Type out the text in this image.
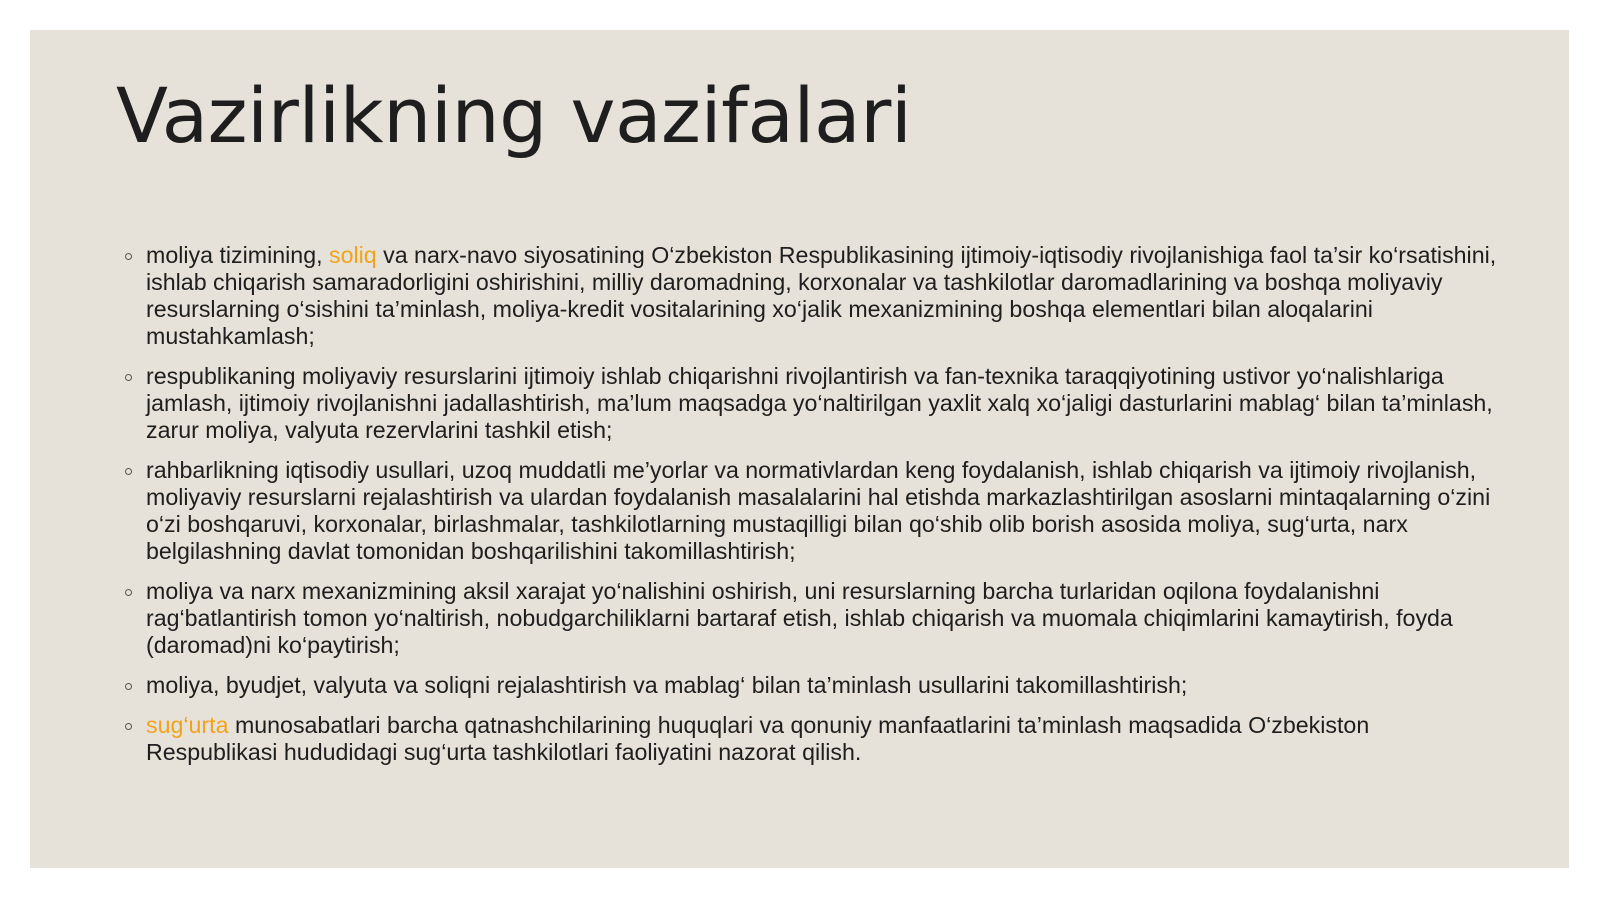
Vazirlikning vazifalari
moliya tizimining, soliq va narx-navo siyosatining O‘zbekiston Respublikasining ijtimoiy-iqtisodiy rivojlanishiga faol ta’sir ko‘rsatishini, ishlab chiqarish samaradorligini oshirishini, milliy daromadning, korxonalar va tashkilotlar daromadlarining va boshqa moliyaviy resurslarning o‘sishini ta’minlash, moliya-kredit vositalarining xo‘jalik mexanizmining boshqa elementlari bilan aloqalarini mustahkamlash;
respublikaning moliyaviy resurslarini ijtimoiy ishlab chiqarishni rivojlantirish va fan-texnika taraqqiyotining ustivor yo‘nalishlariga jamlash, ijtimoiy rivojlanishni jadallashtirish, ma’lum maqsadga yo‘naltirilgan yaxlit xalq xo‘jaligi dasturlarini mablag‘ bilan ta’minlash, zarur moliya, valyuta rezervlarini tashkil etish;
rahbarlikning iqtisodiy usullari, uzoq muddatli me’yorlar va normativlardan keng foydalanish, ishlab chiqarish va ijtimoiy rivojlanish, moliyaviy resurslarni rejalashtirish va ulardan foydalanish masalalarini hal etishda markazlashtirilgan asoslarni mintaqalarning o‘zini o‘zi boshqaruvi, korxonalar, birlashmalar, tashkilotlarning mustaqilligi bilan qo‘shib olib borish asosida moliya, sug‘urta, narx belgilashning davlat tomonidan boshqarilishini takomillashtirish;
moliya va narx mexanizmining aksil xarajat yo‘nalishini oshirish, uni resurslarning barcha turlaridan oqilona foydalanishni rag‘batlantirish tomon yo‘naltirish, nobudgarchiliklarni bartaraf etish, ishlab chiqarish va muomala chiqimlarini kamaytirish, foyda (daromad)ni ko‘paytirish;
moliya, byudjet, valyuta va soliqni rejalashtirish va mablag‘ bilan ta’minlash usullarini takomillashtirish;
sug‘urta munosabatlari barcha qatnashchilarining huquqlari va qonuniy manfaatlarini ta’minlash maqsadida O‘zbekiston Respublikasi hududidagi sug‘urta tashkilotlari faoliyatini nazorat qilish.
